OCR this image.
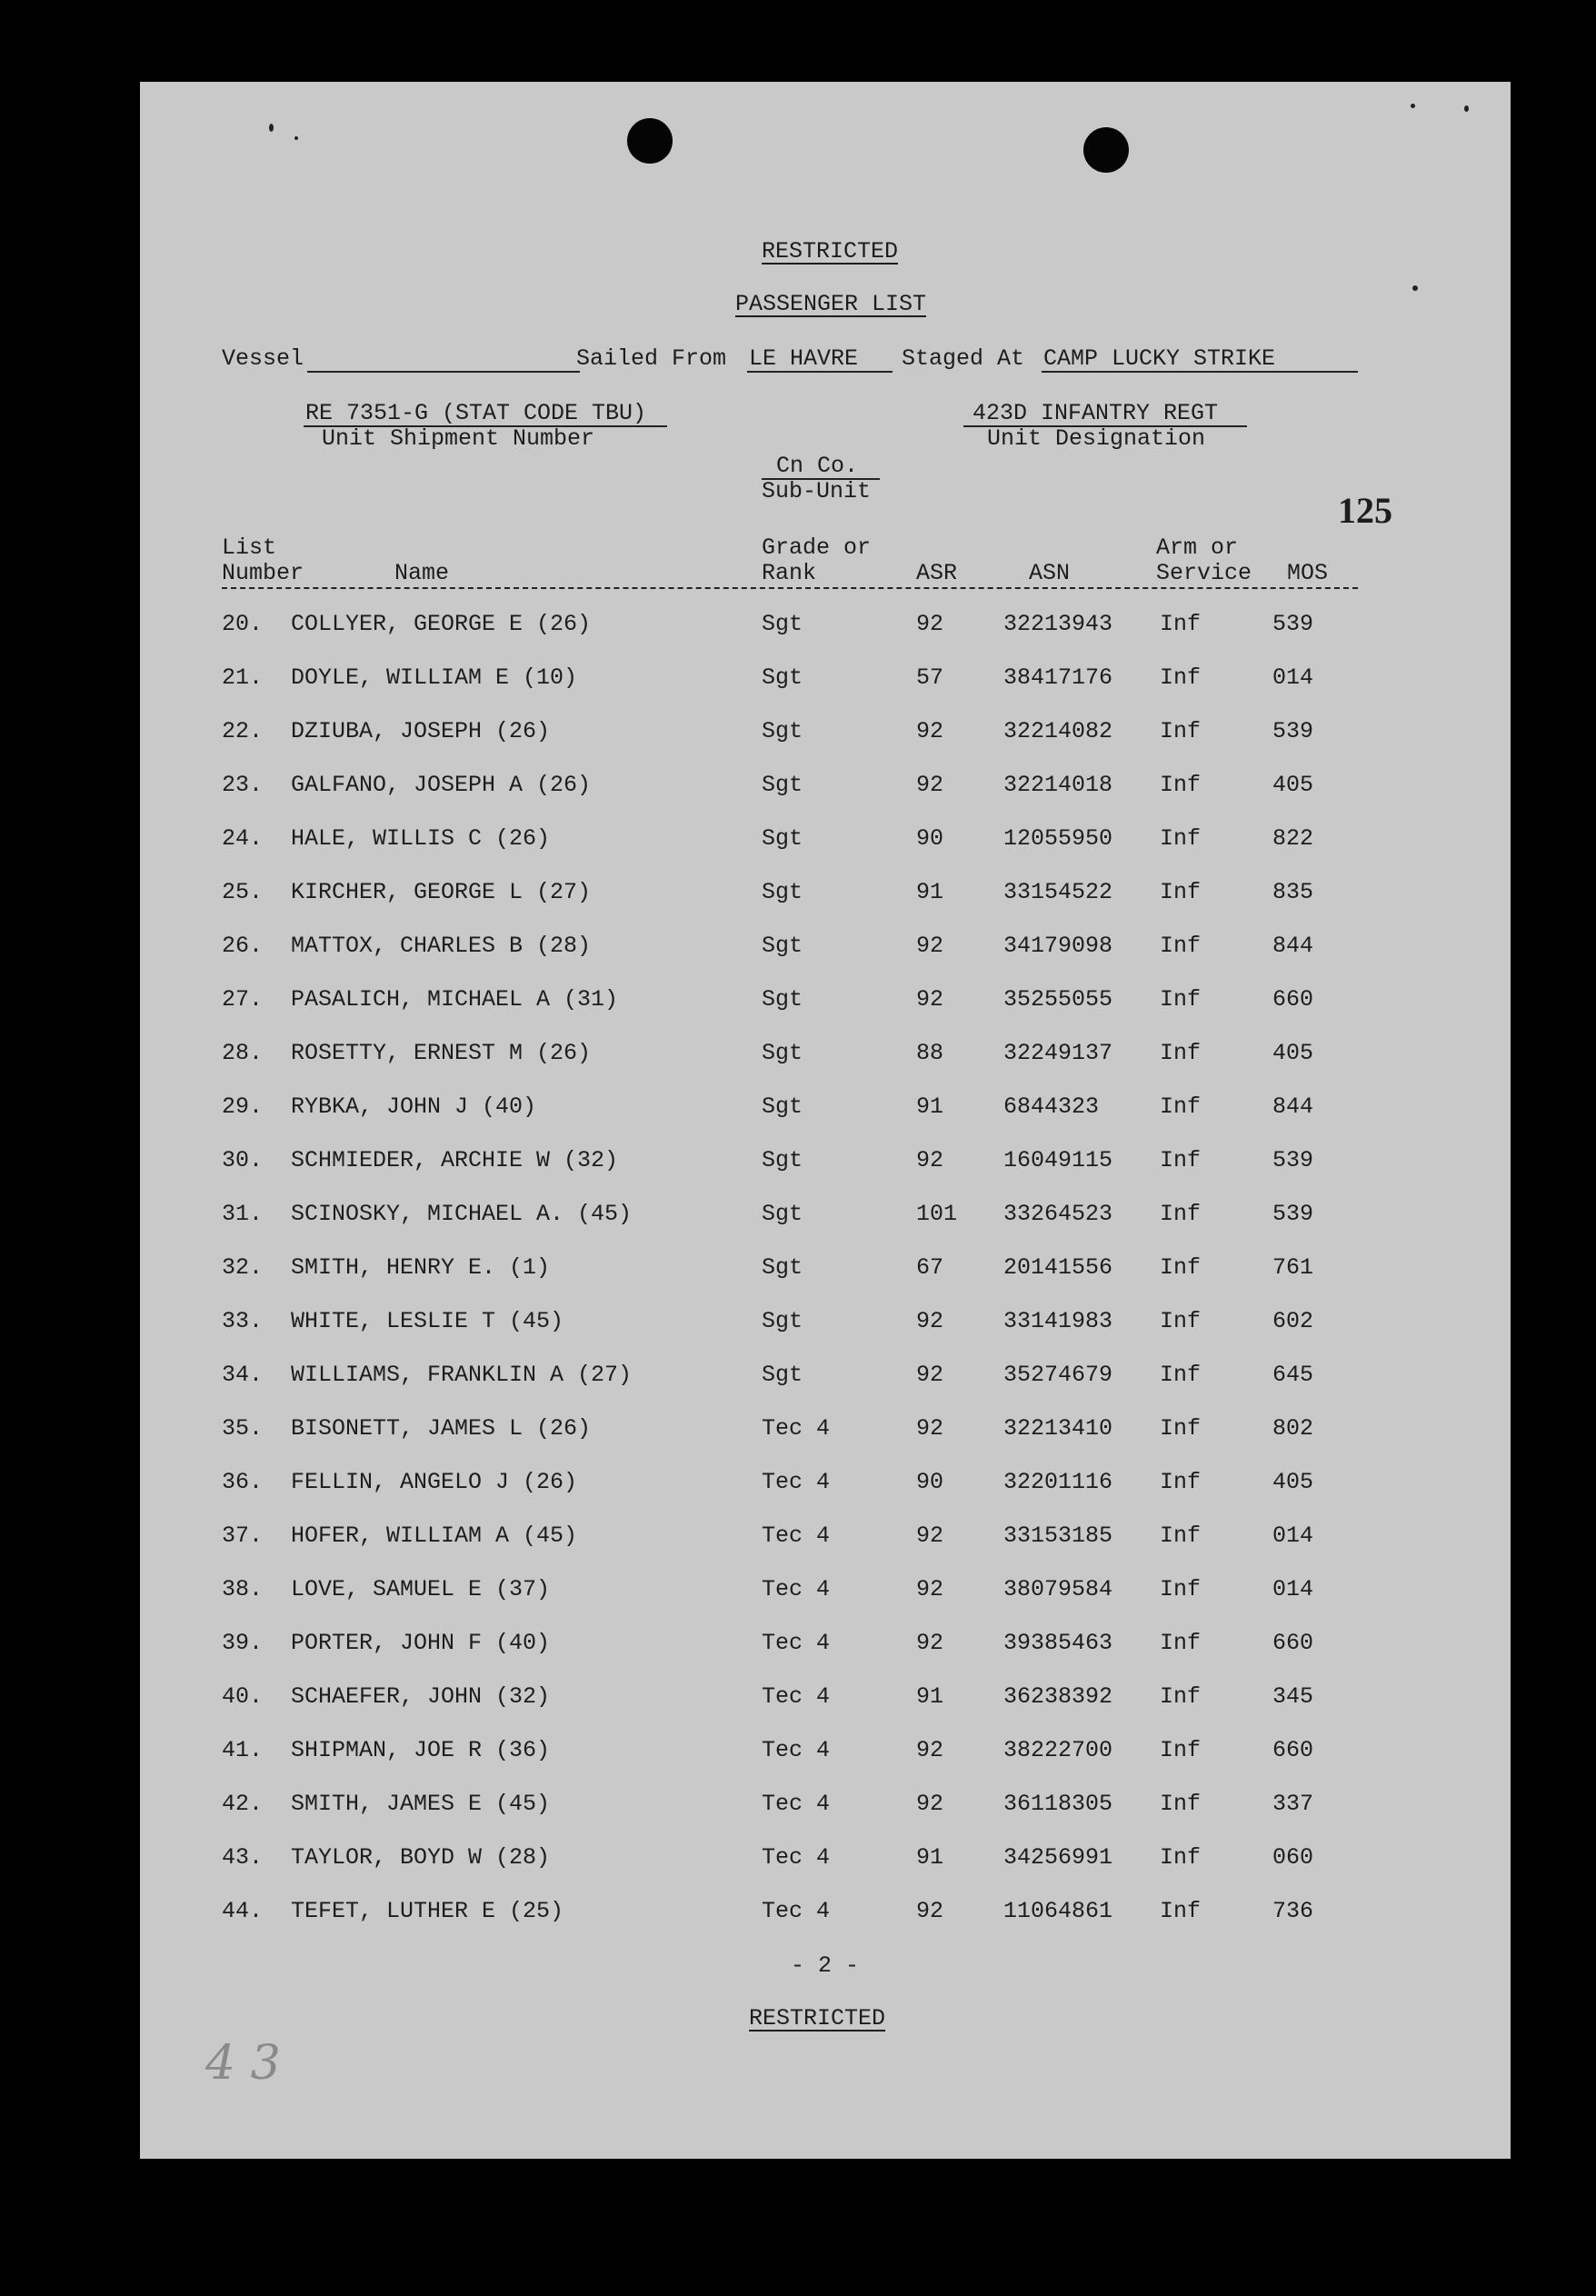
RESTRICTED
PASSENGER LIST
Vessel	Sailed From LE HAVRE Staged At CAMP LUCKY STRIKE
RE 7351-G (STAT CODE TBU)
Unit Shipment Number
423D INFANTRY REGT
Unit Designation
Cn Co.
Sub-Unit	125
List
Number	Name
Grade or
Rank	ASR	ASN
Arm or
Service MOS
20. COLLYER, GEORGE E (26)	Sgt	92	32213943 Inf	539
21. DOYLE, WILLIAM E (10)	Sgt	57	38417176 Inf	014
22. DZIUBA, JOSEPH (26)	Sgt	92	32214082 Inf	539
23. GALFANO, JOSEPH A (26)	Sgt	92	32214018 Inf	405
24. HALE, WILLIS C (26)	Sgt	90	12055950 Inf	822
25. KIRCHER, GEORGE L (27)	Sgt	91	33154522 Inf	835
26. MATTOX, CHARLES B (28)	Sgt	92	34179098 Inf	844
27. PASALICH, MICHAEL A (31)	Sgt	92	35255055 Inf	660
28. ROSETTY, ERNEST M (26)	Sgt	88	32249137 Inf	405
29. RYBKA, JOHN J (40)	Sgt	91	6844323	Inf	844
30. SCHMIEDER, ARCHIE W (32)	Sgt	92	16049115 Inf	539
31. SCINOSKY, MICHAEL A. (45)	Sgt	101 33264523 Inf	539
32. SMITH, HENRY E. (1)	Sgt	67	20141556 Inf	761
33. WHITE, LESLIE T (45)	Sgt	92	33141983 Inf	602
34. WILLIAMS, FRANKLIN A (27)	Sgt	92	35274679 Inf	645
35. BISONETT, JAMES L (26)	Tec 4	92	32213410 Inf	802
36. FELLIN, ANGELO J (26)	Tec 4	90	32201116 Inf	405
37. HOFER, WILLIAM A (45)	Tec 4	92	33153185 Inf	014
38. LOVE, SAMUEL E (37)	Tec 4	92	38079584 Inf	014
39. PORTER, JOHN F (40)	Tec 4	92	39385463 Inf	660
40. SCHAEFER, JOHN (32)	Tec 4	91	36238392 Inf	345
41. SHIPMAN, JOE R (36)	Tec 4	92	38222700 Inf	660
42. SMITH, JAMES E (45)	Tec 4	92	36118305 Inf	337
43. TAYLOR, BOYD W (28)	Tec 4	91	34256991 Inf	060
44. TEFET, LUTHER E (25)	Tec 4	92	11064861 Inf	736
- 2 -
RESTRICTED
4 3
